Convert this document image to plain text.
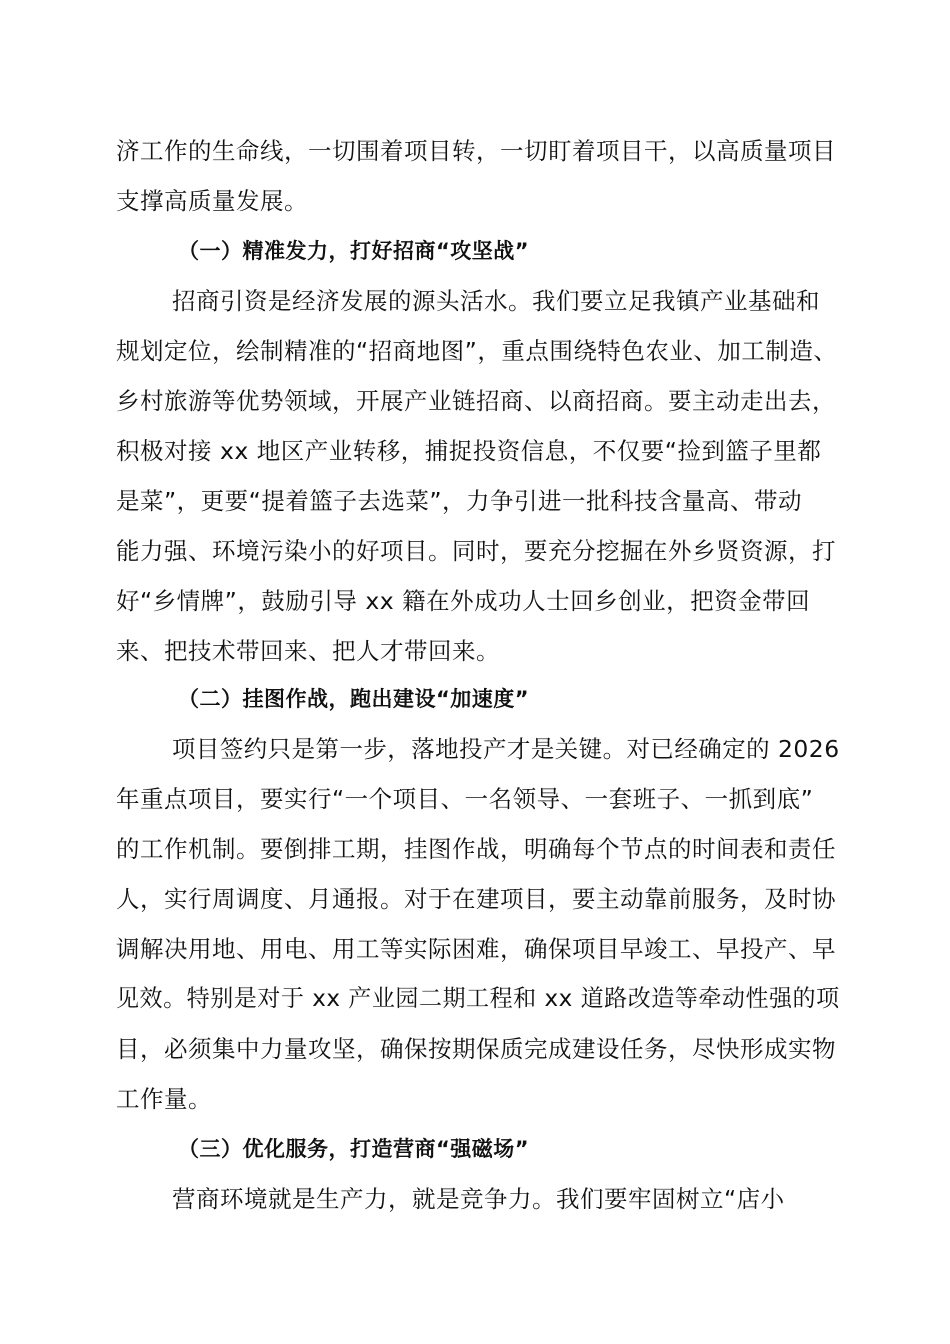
济工作的生命线，一切围着项目转，一切盯着项目干，以高质量项目
支撑高质量发展。
（一）精准发力，打好招商“攻坚战”
招商引资是经济发展的源头活水。我们要立足我镇产业基础和
规划定位，绘制精准的“招商地图”，重点围绕特色农业、加工制造、
乡村旅游等优势领域，开展产业链招商、以商招商。要主动走出去，
积极对接 xx 地区产业转移，捕捉投资信息，不仅要“捡到篮子里都
是菜”，更要“提着篮子去选菜”，力争引进一批科技含量高、带动
能力强、环境污染小的好项目。同时，要充分挖掘在外乡贤资源，打
好“乡情牌”，鼓励引导 xx 籍在外成功人士回乡创业，把资金带回
来、把技术带回来、把人才带回来。
（二）挂图作战，跑出建设“加速度”
项目签约只是第一步，落地投产才是关键。对已经确定的 2026
年重点项目，要实行“一个项目、一名领导、一套班子、一抓到底”
的工作机制。要倒排工期，挂图作战，明确每个节点的时间表和责任
人，实行周调度、月通报。对于在建项目，要主动靠前服务，及时协
调解决用地、用电、用工等实际困难，确保项目早竣工、早投产、早
见效。特别是对于 xx 产业园二期工程和 xx 道路改造等牵动性强的项
目，必须集中力量攻坚，确保按期保质完成建设任务，尽快形成实物
工作量。
（三）优化服务，打造营商“强磁场”
营商环境就是生产力，就是竞争力。我们要牢固树立“店小
